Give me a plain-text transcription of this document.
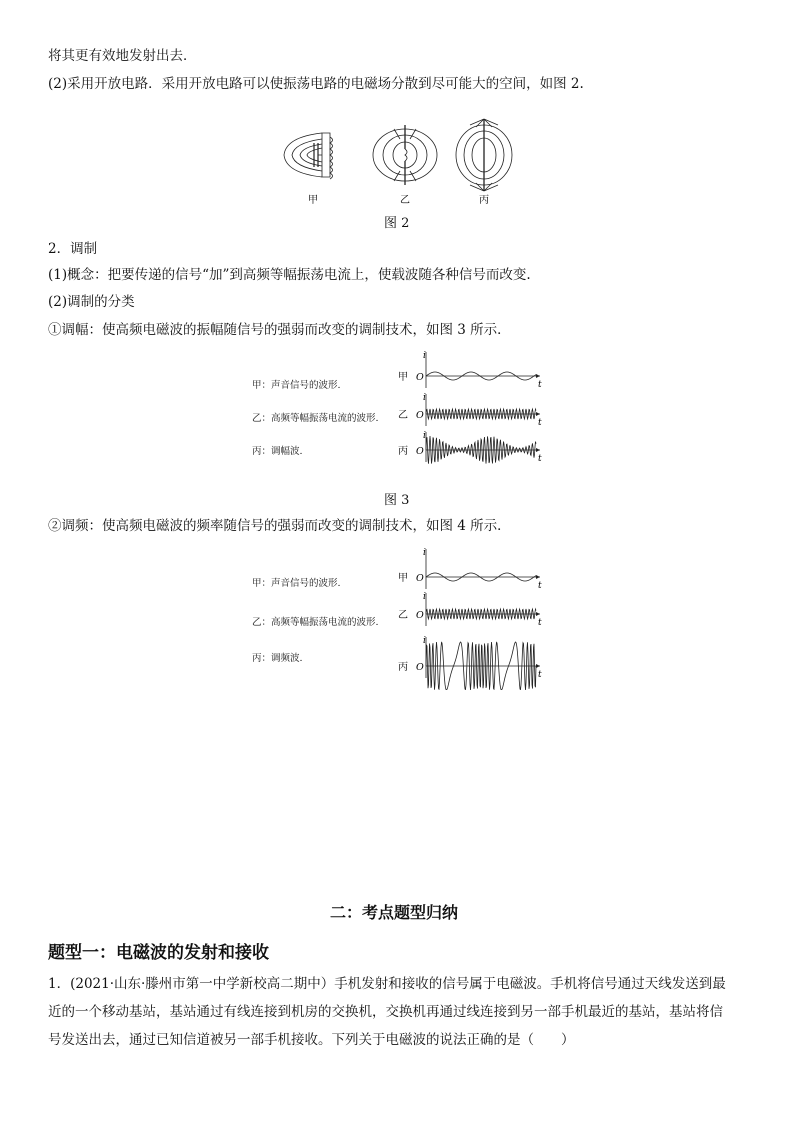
将其更有效地发射出去．
(2)采用开放电路．采用开放电路可以使振荡电路的电磁场分散到尽可能大的空间，如图 2.
甲	乙	丙
图 2
2．调制
(1)概念：把要传递的信号“加”到高频等幅振荡电流上，使载波随各种信号而改变.
(2)调制的分类
①调幅：使高频电磁波的振幅随信号的强弱而改变的调制技术，如图 3 所示．
甲：声音信号的波形.
乙：高频等幅振荡电流的波形.
丙：调幅波.
i
t
O
甲
i
t
O
乙
i
t
O
丙
图 3
②调频：使高频电磁波的频率随信号的强弱而改变的调制技术，如图 4 所示．
甲：声音信号的波形.
乙：高频等幅振荡电流的波形.
丙：调频波.
i
t
O
甲
i
t
O
乙
i
t
O
丙
二：考点题型归纳
题型一：电磁波的发射和接收
1．(2021·山东·滕州市第一中学新校高二期中）手机发射和接收的信号属于电磁波。手机将信号通过天线发送到最
近的一个移动基站，基站通过有线连接到机房的交换机，交换机再通过线连接到另一部手机最近的基站，基站将信
号发送出去，通过已知信道被另一部手机接收。下列关于电磁波的说法正确的是（　　）
